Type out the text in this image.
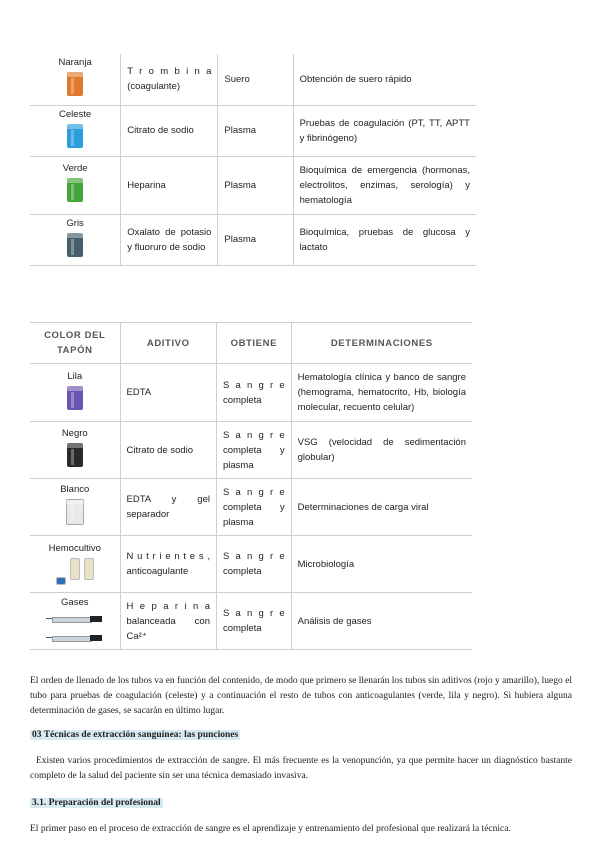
Naranja	T r o m b i n a (coagulante)	Suero	Obtención de suero rápido

Celeste	Citrato de sodio	Plasma	Pruebas de coagulación (PT, TT, APTT y fibrinógeno)

Verde	Heparina	Plasma	Bioquímica de emergencia (hormonas, electrolitos, enzimas, serología) y hematología

Gris	Oxalato de potasio y fluoruro de sodio	Plasma	Bioquímica, pruebas de glucosa y lactato
COLOR DEL TAPÓN	ADITIVO	OBTIENE	DETERMINACIONES

Lila	EDTA	S a n g r e completa	Hematología clínica y banco de sangre (hemograma, hematocrito, Hb, biología molecular, recuento celular)

Negro	Citrato de sodio	S a n g r e completa y plasma	VSG (velocidad de sedimentación globular)

Blanco	EDTA y gel separador	S a n g r e completa y plasma	Determinaciones de carga viral

Hemocultivo	N u t r i e n t e s , anticoagulante	S a n g r e completa	Microbiología

Gases	H e p a r i n a balanceada con Ca²⁺	S a n g r e completa	Análisis de gases

El orden de llenado de los tubos va en función del contenido, de modo que primero se llenarán los tubos sin aditivos (rojo y amarillo), luego el tubo para pruebas de coagulación (celeste) y a continuación el resto de tubos con anticoagulantes (verde, lila y negro). Si hubiera alguna determinación de gases, se sacarán en último lugar.

03 Técnicas de extracción sanguínea: las punciones

Existen varios procedimientos de extracción de sangre. El más frecuente es la venopunción, ya que permite hacer un diagnóstico bastante completo de la salud del paciente sin ser una técnica demasiado invasiva.

3.1. Preparación del profesional

El primer paso en el proceso de extracción de sangre es el aprendizaje y entrenamiento del profesional que realizará la técnica.
